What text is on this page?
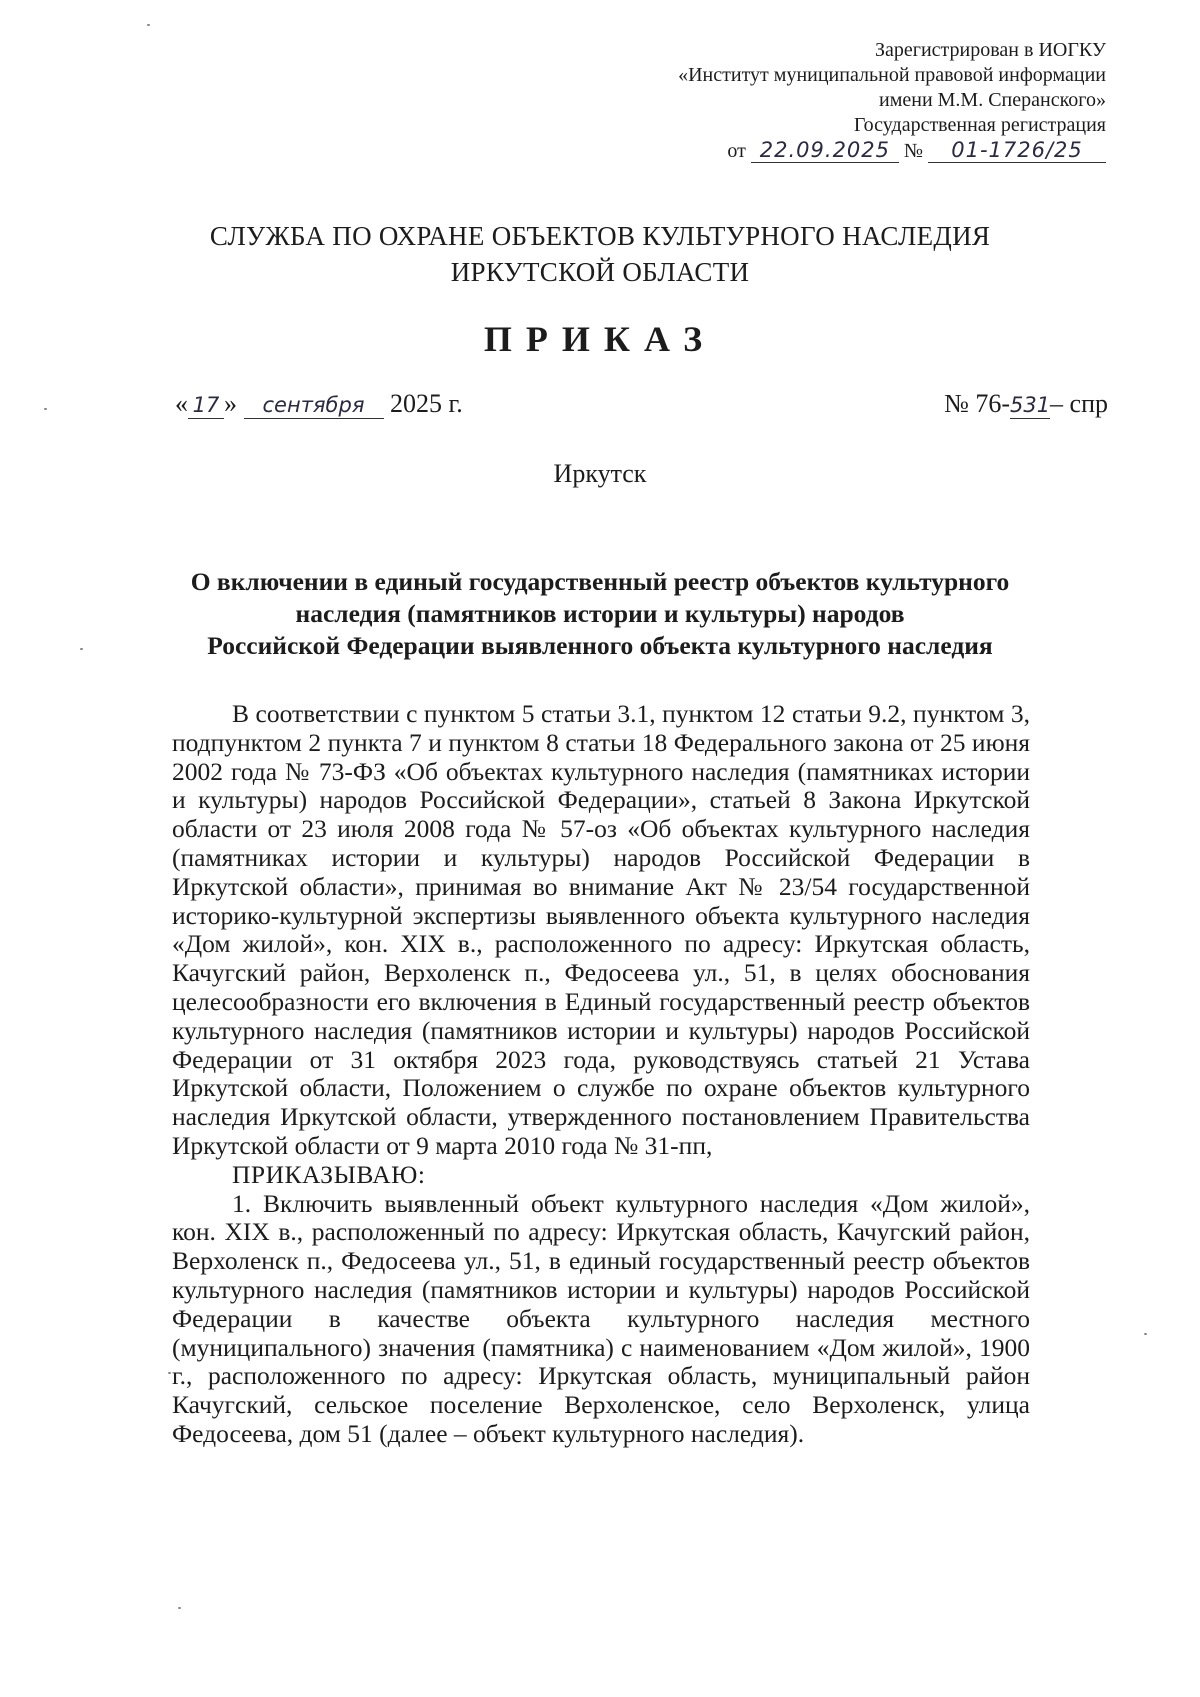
Зарегистрирован в ИОГКУ
«Институт муниципальной правовой информации
имени М.М. Сперанского»
Государственная регистрация
от 22.09.2025 № 01-1726/25
СЛУЖБА ПО ОХРАНЕ ОБЪЕКТОВ КУЛЬТУРНОГО НАСЛЕДИЯ
ИРКУТСКОЙ ОБЛАСТИ
ПРИКАЗ
« 17 » сентября 2025 г.	№ 76-531– спр
Иркутск
О включении в единый государственный реестр объектов культурного
наследия (памятников истории и культуры) народов
Российской Федерации выявленного объекта культурного наследия

В соответствии с пунктом 5 статьи 3.1, пунктом 12 статьи 9.2, пунктом 3, подпунктом 2 пункта 7 и пунктом 8 статьи 18 Федерального закона от 25 июня 2002 года № 73-ФЗ «Об объектах культурного наследия (памятниках истории и культуры) народов Российской Федерации», статьей 8 Закона Иркутской области от 23 июля 2008 года № 57-оз «Об объектах культурного наследия (памятниках истории и культуры) народов Российской Федерации в Иркутской области», принимая во внимание Акт № 23/54 государственной историко-культурной экспертизы выявленного объекта культурного наследия «Дом жилой», кон. XIX в., расположенного по адресу: Иркутская область, Качугский район, Верхоленск п., Федосеева ул., 51, в целях обоснования целесообразности его включения в Единый государственный реестр объектов культурного наследия (памятников истории и культуры) народов Российской Федерации от 31 октября 2023 года, руководствуясь статьей 21 Устава Иркутской области, Положением о службе по охране объектов культурного наследия Иркутской области, утвержденного постановлением Правительства Иркутской области от 9 марта 2010 года № 31-пп,

ПРИКАЗЫВАЮ:

1. Включить выявленный объект культурного наследия «Дом жилой», кон. XIX в., расположенный по адресу: Иркутская область, Качугский район, Верхоленск п., Федосеева ул., 51, в единый государственный реестр объектов культурного наследия (памятников истории и культуры) народов Российской Федерации в качестве объекта культурного наследия местного (муниципального) значения (памятника) с наименованием «Дом жилой», 1900 г., расположенного по адресу: Иркутская область, муниципальный район Качугский, сельское поселение Верхоленское, село Верхоленск, улица Федосеева, дом 51 (далее – объект культурного наследия).
